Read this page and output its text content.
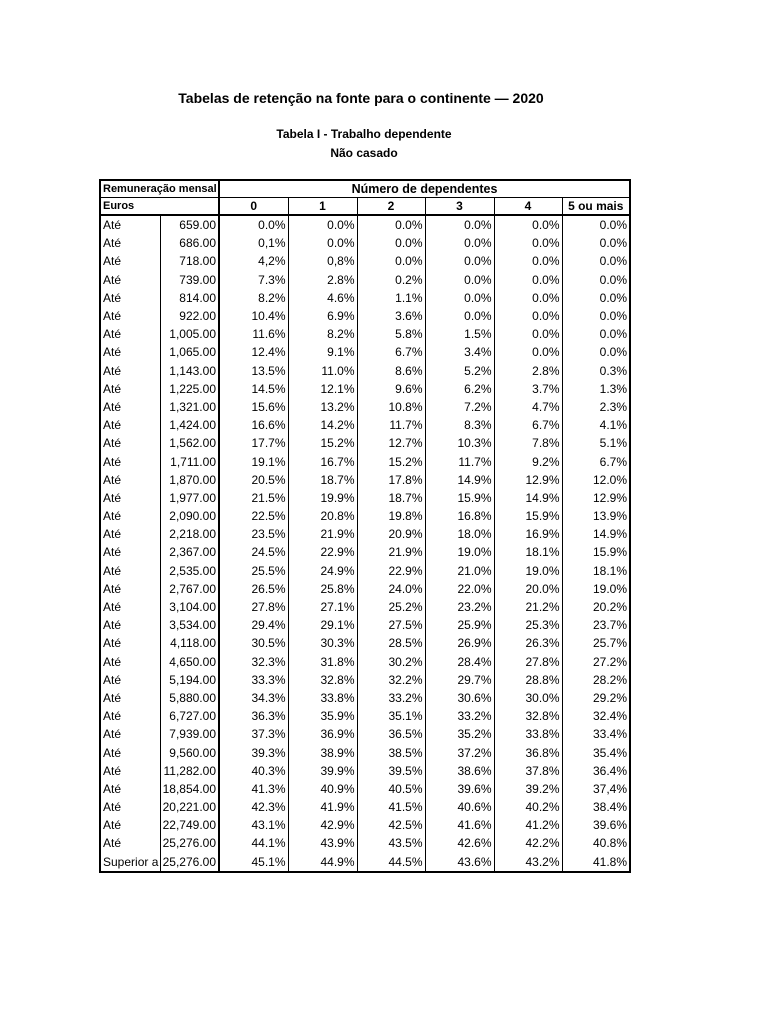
Tabelas de retenção na fonte para o continente — 2020
Tabela I - Trabalho dependente
Não casado
Remuneração mensal		Número de dependentes					
Euros		0	1	2	3	4	5 ou mais
Até	659.00	0.0%	0.0%	0.0%	0.0%	0.0%	0.0%
Até	686.00	0,1%	0.0%	0.0%	0.0%	0.0%	0.0%
Até	718.00	4,2%	0,8%	0.0%	0.0%	0.0%	0.0%
Até	739.00	7.3%	2.8%	0.2%	0.0%	0.0%	0.0%
Até	814.00	8.2%	4.6%	1.1%	0.0%	0.0%	0.0%
Até	922.00	10.4%	6.9%	3.6%	0.0%	0.0%	0.0%
Até	1,005.00	11.6%	8.2%	5.8%	1.5%	0.0%	0.0%
Até	1,065.00	12.4%	9.1%	6.7%	3.4%	0.0%	0.0%
Até	1,143.00	13.5%	11.0%	8.6%	5.2%	2.8%	0.3%
Até	1,225.00	14.5%	12.1%	9.6%	6.2%	3.7%	1.3%
Até	1,321.00	15.6%	13.2%	10.8%	7.2%	4.7%	2.3%
Até	1,424.00	16.6%	14.2%	11.7%	8.3%	6.7%	4.1%
Até	1,562.00	17.7%	15.2%	12.7%	10.3%	7.8%	5.1%
Até	1,711.00	19.1%	16.7%	15.2%	11.7%	9.2%	6.7%
Até	1,870.00	20.5%	18.7%	17.8%	14.9%	12.9%	12.0%
Até	1,977.00	21.5%	19.9%	18.7%	15.9%	14.9%	12.9%
Até	2,090.00	22.5%	20.8%	19.8%	16.8%	15.9%	13.9%
Até	2,218.00	23.5%	21.9%	20.9%	18.0%	16.9%	14.9%
Até	2,367.00	24.5%	22.9%	21.9%	19.0%	18.1%	15.9%
Até	2,535.00	25.5%	24.9%	22.9%	21.0%	19.0%	18.1%
Até	2,767.00	26.5%	25.8%	24.0%	22.0%	20.0%	19.0%
Até	3,104.00	27.8%	27.1%	25.2%	23.2%	21.2%	20.2%
Até	3,534.00	29.4%	29.1%	27.5%	25.9%	25.3%	23.7%
Até	4,118.00	30.5%	30.3%	28.5%	26.9%	26.3%	25.7%
Até	4,650.00	32.3%	31.8%	30.2%	28.4%	27.8%	27.2%
Até	5,194.00	33.3%	32.8%	32.2%	29.7%	28.8%	28.2%
Até	5,880.00	34.3%	33.8%	33.2%	30.6%	30.0%	29.2%
Até	6,727.00	36.3%	35.9%	35.1%	33.2%	32.8%	32.4%
Até	7,939.00	37.3%	36.9%	36.5%	35.2%	33.8%	33.4%
Até	9,560.00	39.3%	38.9%	38.5%	37.2%	36.8%	35.4%
Até	11,282.00	40.3%	39.9%	39.5%	38.6%	37.8%	36.4%
Até	18,854.00	41.3%	40.9%	40.5%	39.6%	39.2%	37,4%
Até	20,221.00	42.3%	41.9%	41.5%	40.6%	40.2%	38.4%
Até	22,749.00	43.1%	42.9%	42.5%	41.6%	41.2%	39.6%
Até	25,276.00	44.1%	43.9%	43.5%	42.6%	42.2%	40.8%
Superior a	25,276.00	45.1%	44.9%	44.5%	43.6%	43.2%	41.8%
